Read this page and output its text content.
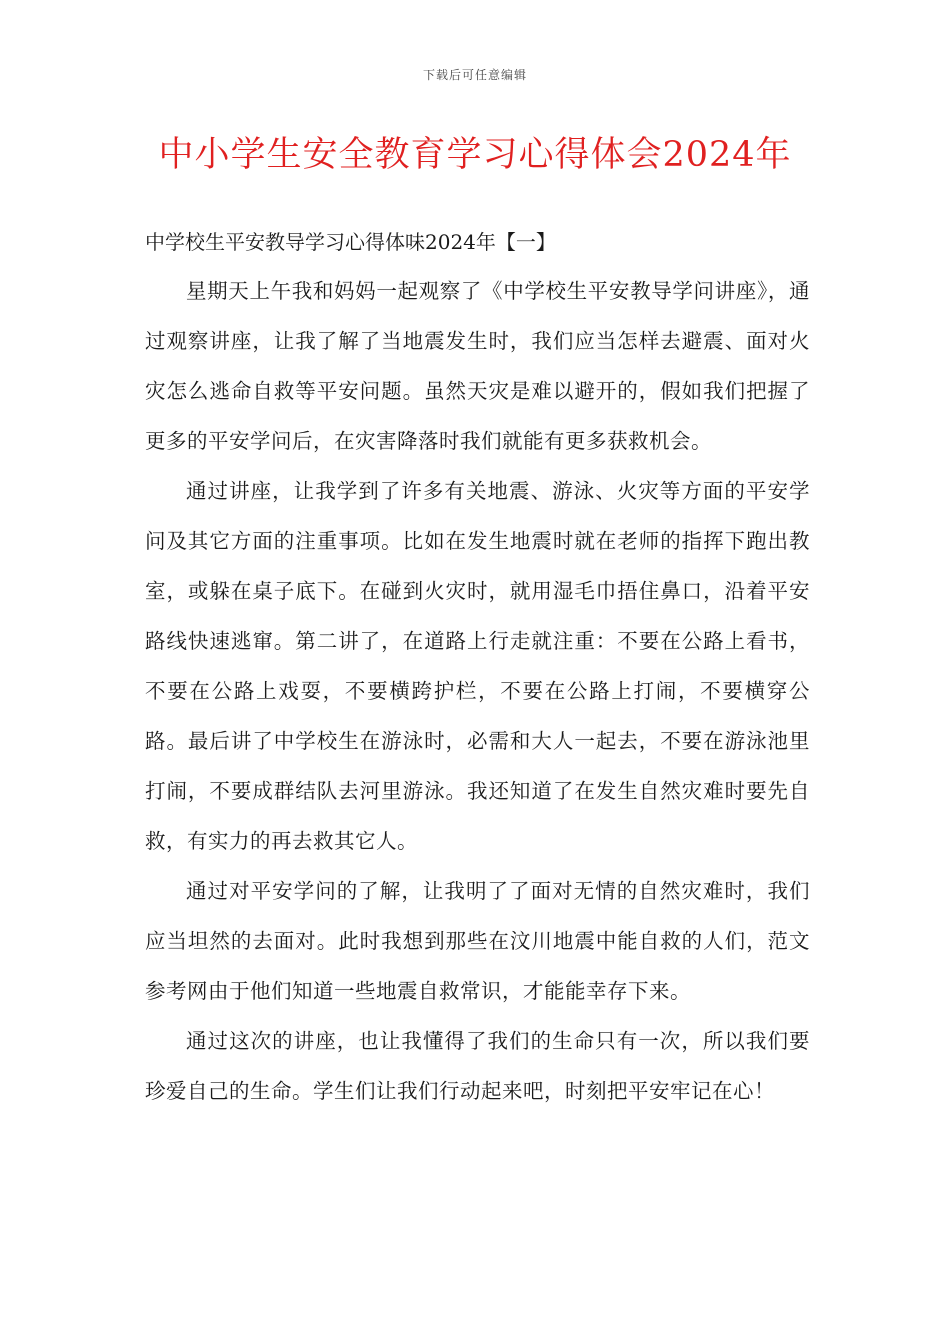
下载后可任意编辑
中小学生安全教育学习心得体会2024年
中学校生平安教导学习心得体味2024年【一】

星期天上午我和妈妈一起观察了《中学校生平安教导学问讲座》，通过观察讲座，让我了解了当地震发生时，我们应当怎样去避震、面对火灾怎么逃命自救等平安问题。虽然天灾是难以避开的，假如我们把握了更多的平安学问后，在灾害降落时我们就能有更多获救机会。

通过讲座，让我学到了许多有关地震、游泳、火灾等方面的平安学问及其它方面的注重事项。比如在发生地震时就在老师的指挥下跑出教室，或躲在桌子底下。在碰到火灾时，就用湿毛巾捂住鼻口，沿着平安路线快速逃窜。第二讲了，在道路上行走就注重：不要在公路上看书，不要在公路上戏耍，不要横跨护栏，不要在公路上打闹，不要横穿公路。最后讲了中学校生在游泳时，必需和大人一起去，不要在游泳池里打闹，不要成群结队去河里游泳。我还知道了在发生自然灾难时要先自救，有实力的再去救其它人。

通过对平安学问的了解，让我明了了面对无情的自然灾难时，我们应当坦然的去面对。此时我想到那些在汶川地震中能自救的人们，范文参考网由于他们知道一些地震自救常识，才能能幸存下来。

通过这次的讲座，也让我懂得了我们的生命只有一次，所以我们要珍爱自己的生命。学生们让我们行动起来吧，时刻把平安牢记在心！
